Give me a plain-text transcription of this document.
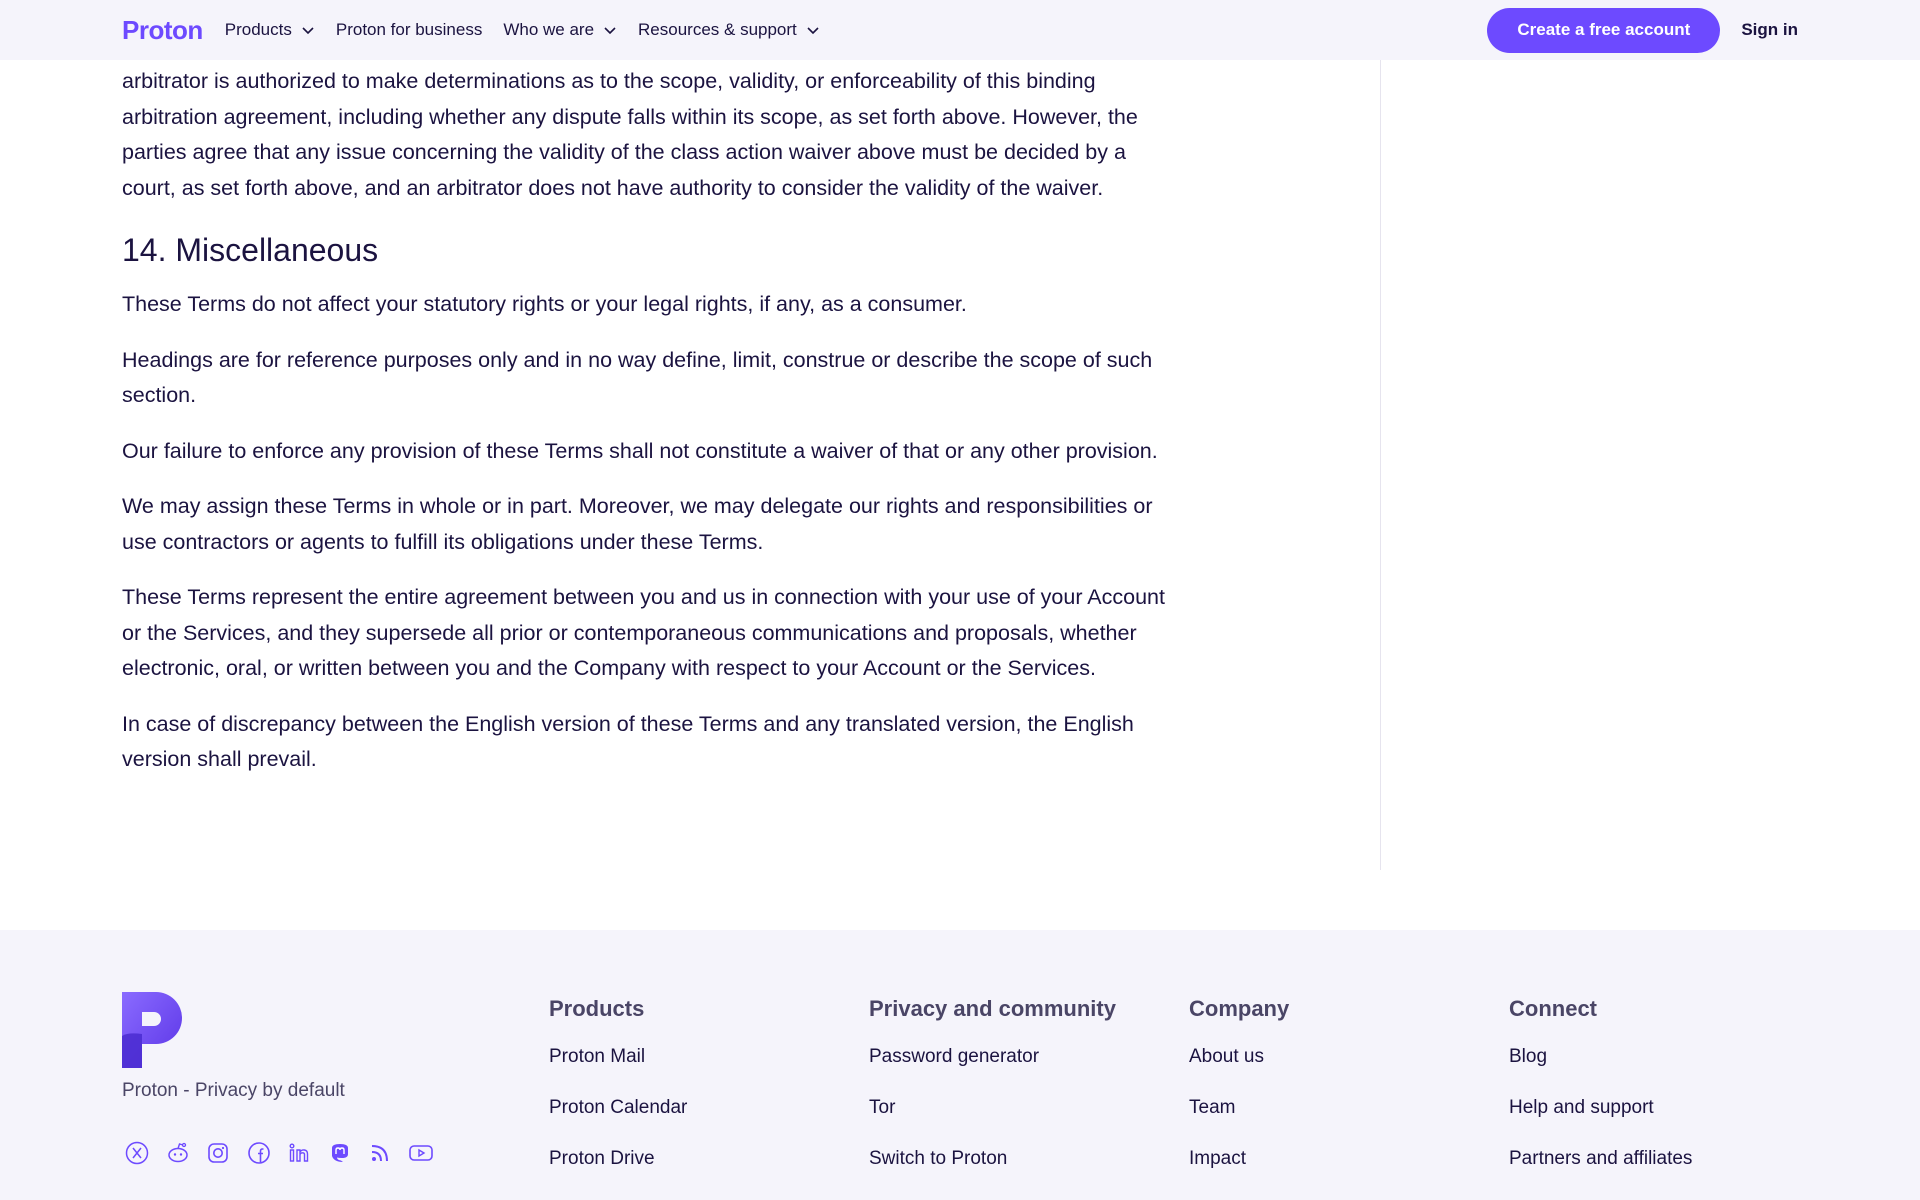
Proton Products	Proton for business Who we are	Resources & support	Create a free account	Sign in

arbitrator is authorized to make determinations as to the scope, validity, or enforceability of this binding arbitration agreement, including whether any dispute falls within its scope, as set forth above. However, the parties agree that any issue concerning the validity of the class action waiver above must be decided by a court, as set forth above, and an arbitrator does not have authority to consider the validity of the waiver.

14. Miscellaneous

These Terms do not affect your statutory rights or your legal rights, if any, as a consumer.

Headings are for reference purposes only and in no way define, limit, construe or describe the scope of such section.

Our failure to enforce any provision of these Terms shall not constitute a waiver of that or any other provision.

We may assign these Terms in whole or in part. Moreover, we may delegate our rights and responsibilities or use contractors or agents to fulfill its obligations under these Terms.

These Terms represent the entire agreement between you and us in connection with your use of your Account or the Services, and they supersede all prior or contemporaneous communications and proposals, whether electronic, oral, or written between you and the Company with respect to your Account or the Services.

In case of discrepancy between the English version of these Terms and any translated version, the English version shall prevail.

Proton - Privacy by default
Products
Proton Mail
Proton Calendar
Proton Drive
Privacy and community
Password generator
Tor
Switch to Proton
Company
About us
Team
Impact
Connect
Blog
Help and support
Partners and affiliates
